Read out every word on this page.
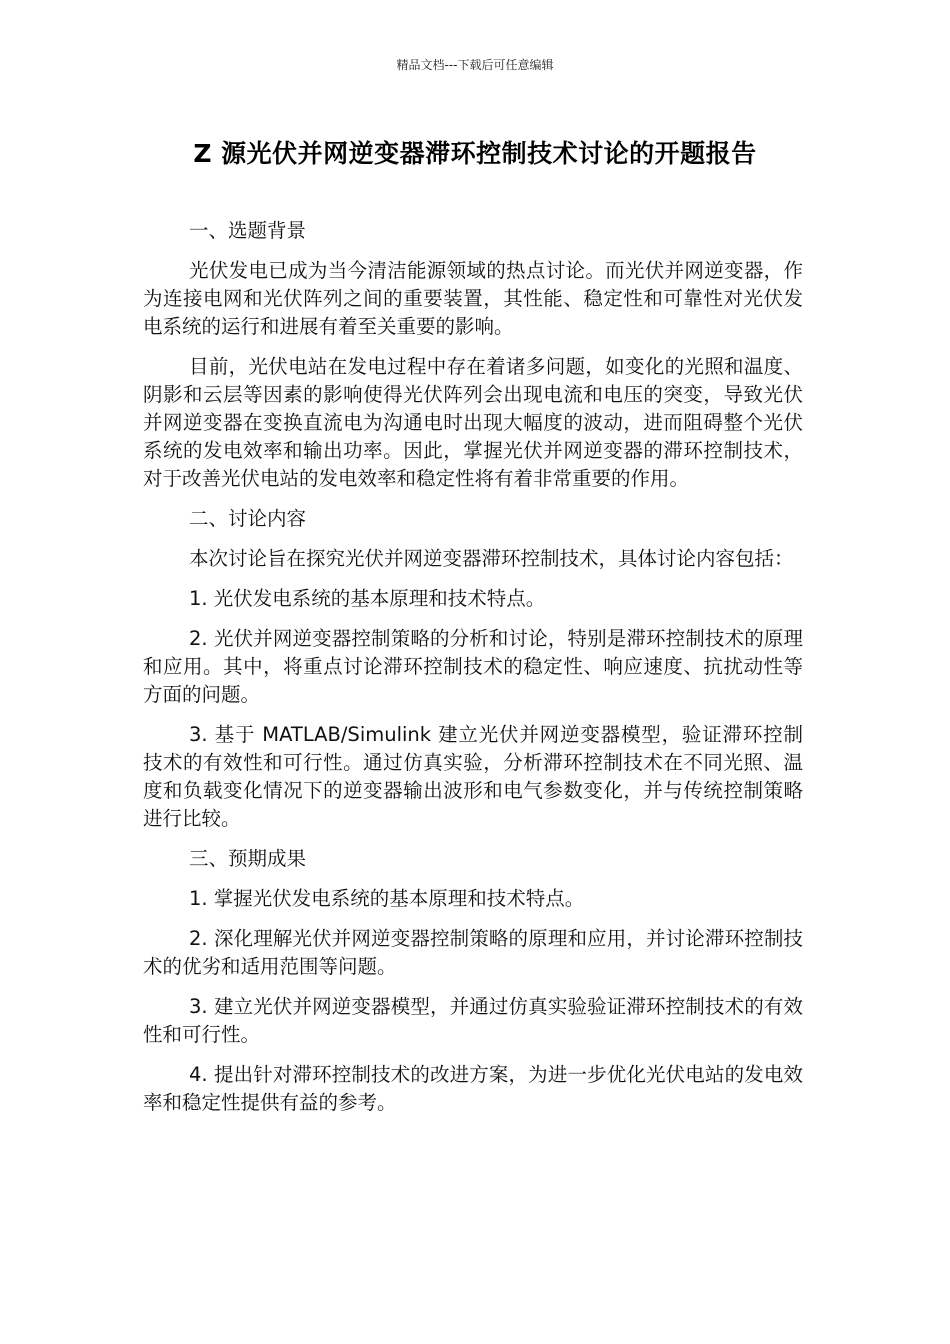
精品文档---下载后可任意编辑
Z 源光伏并网逆变器滞环控制技术讨论的开题报告

一、选题背景

光伏发电已成为当今清洁能源领域的热点讨论。而光伏并网逆变器，作为连接电网和光伏阵列之间的重要装置，其性能、稳定性和可靠性对光伏发电系统的运行和进展有着至关重要的影响。

目前，光伏电站在发电过程中存在着诸多问题，如变化的光照和温度、阴影和云层等因素的影响使得光伏阵列会出现电流和电压的突变，导致光伏并网逆变器在变换直流电为沟通电时出现大幅度的波动，进而阻碍整个光伏系统的发电效率和输出功率。因此，掌握光伏并网逆变器的滞环控制技术，对于改善光伏电站的发电效率和稳定性将有着非常重要的作用。

二、讨论内容

本次讨论旨在探究光伏并网逆变器滞环控制技术，具体讨论内容包括：

1. 光伏发电系统的基本原理和技术特点。

2. 光伏并网逆变器控制策略的分析和讨论，特别是滞环控制技术的原理和应用。其中，将重点讨论滞环控制技术的稳定性、响应速度、抗扰动性等方面的问题。

3. 基于 MATLAB/Simulink 建立光伏并网逆变器模型，验证滞环控制技术的有效性和可行性。通过仿真实验，分析滞环控制技术在不同光照、温度和负载变化情况下的逆变器输出波形和电气参数变化，并与传统控制策略进行比较。

三、预期成果

1. 掌握光伏发电系统的基本原理和技术特点。

2. 深化理解光伏并网逆变器控制策略的原理和应用，并讨论滞环控制技术的优劣和适用范围等问题。

3. 建立光伏并网逆变器模型，并通过仿真实验验证滞环控制技术的有效性和可行性。

4. 提出针对滞环控制技术的改进方案，为进一步优化光伏电站的发电效率和稳定性提供有益的参考。
